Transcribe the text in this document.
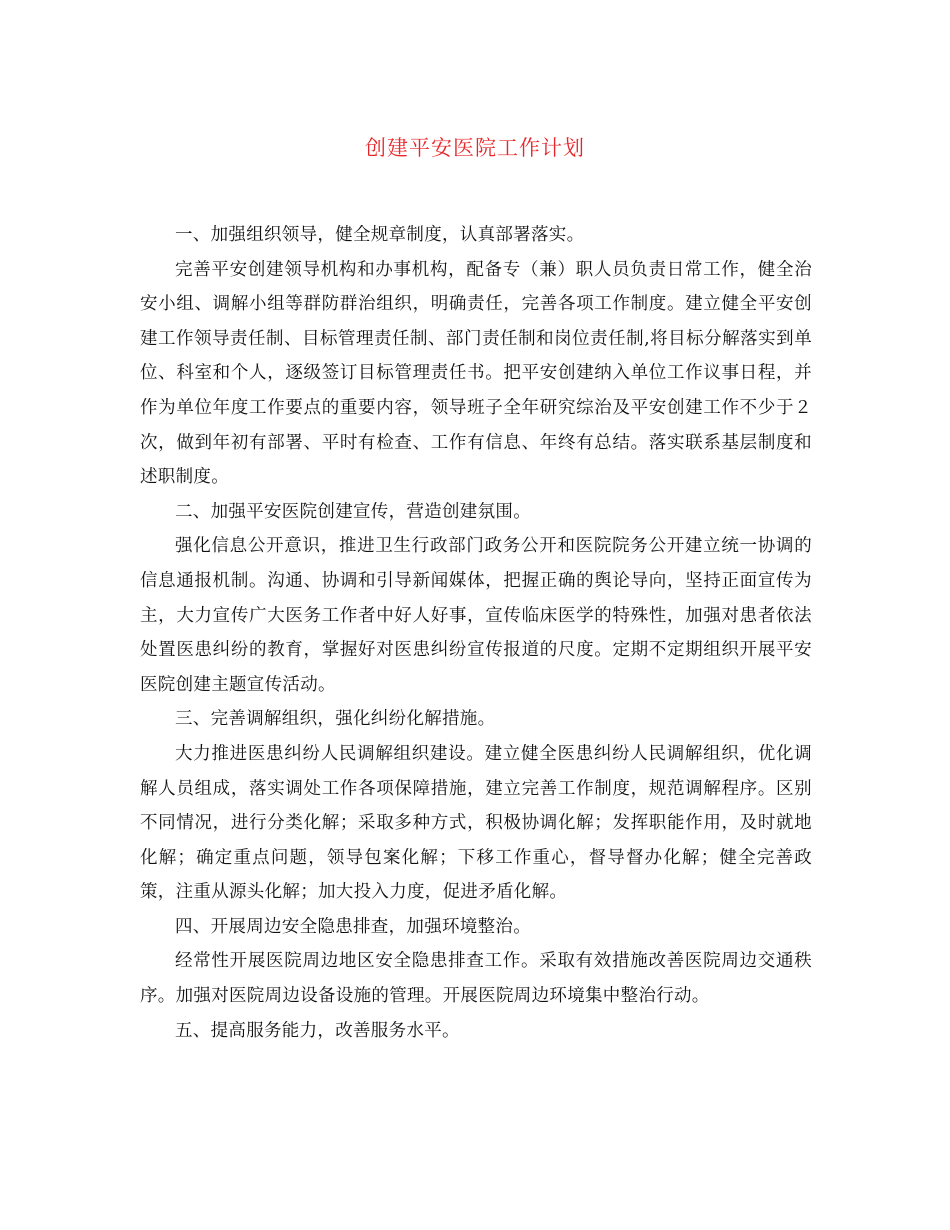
创建平安医院工作计划

一、加强组织领导，健全规章制度，认真部署落实。

完善平安创建领导机构和办事机构，配备专（兼）职人员负责日常工作，健全治安小组、调解小组等群防群治组织，明确责任，完善各项工作制度。建立健全平安创建工作领导责任制、目标管理责任制、部门责任制和岗位责任制,将目标分解落实到单位、科室和个人，逐级签订目标管理责任书。把平安创建纳入单位工作议事日程，并作为单位年度工作要点的重要内容，领导班子全年研究综治及平安创建工作不少于２次，做到年初有部署、平时有检查、工作有信息、年终有总结。落实联系基层制度和述职制度。

二、加强平安医院创建宣传，营造创建氛围。

强化信息公开意识，推进卫生行政部门政务公开和医院院务公开建立统一协调的信息通报机制。沟通、协调和引导新闻媒体，把握正确的舆论导向，坚持正面宣传为主，大力宣传广大医务工作者中好人好事，宣传临床医学的特殊性，加强对患者依法处置医患纠纷的教育，掌握好对医患纠纷宣传报道的尺度。定期不定期组织开展平安医院创建主题宣传活动。

三、完善调解组织，强化纠纷化解措施。

大力推进医患纠纷人民调解组织建设。建立健全医患纠纷人民调解组织，优化调解人员组成，落实调处工作各项保障措施，建立完善工作制度，规范调解程序。区别不同情况，进行分类化解；采取多种方式，积极协调化解；发挥职能作用，及时就地化解；确定重点问题，领导包案化解；下移工作重心，督导督办化解；健全完善政策，注重从源头化解；加大投入力度，促进矛盾化解。

四、开展周边安全隐患排查，加强环境整治。

经常性开展医院周边地区安全隐患排查工作。采取有效措施改善医院周边交通秩序。加强对医院周边设备设施的管理。开展医院周边环境集中整治行动。

五、提高服务能力，改善服务水平。
